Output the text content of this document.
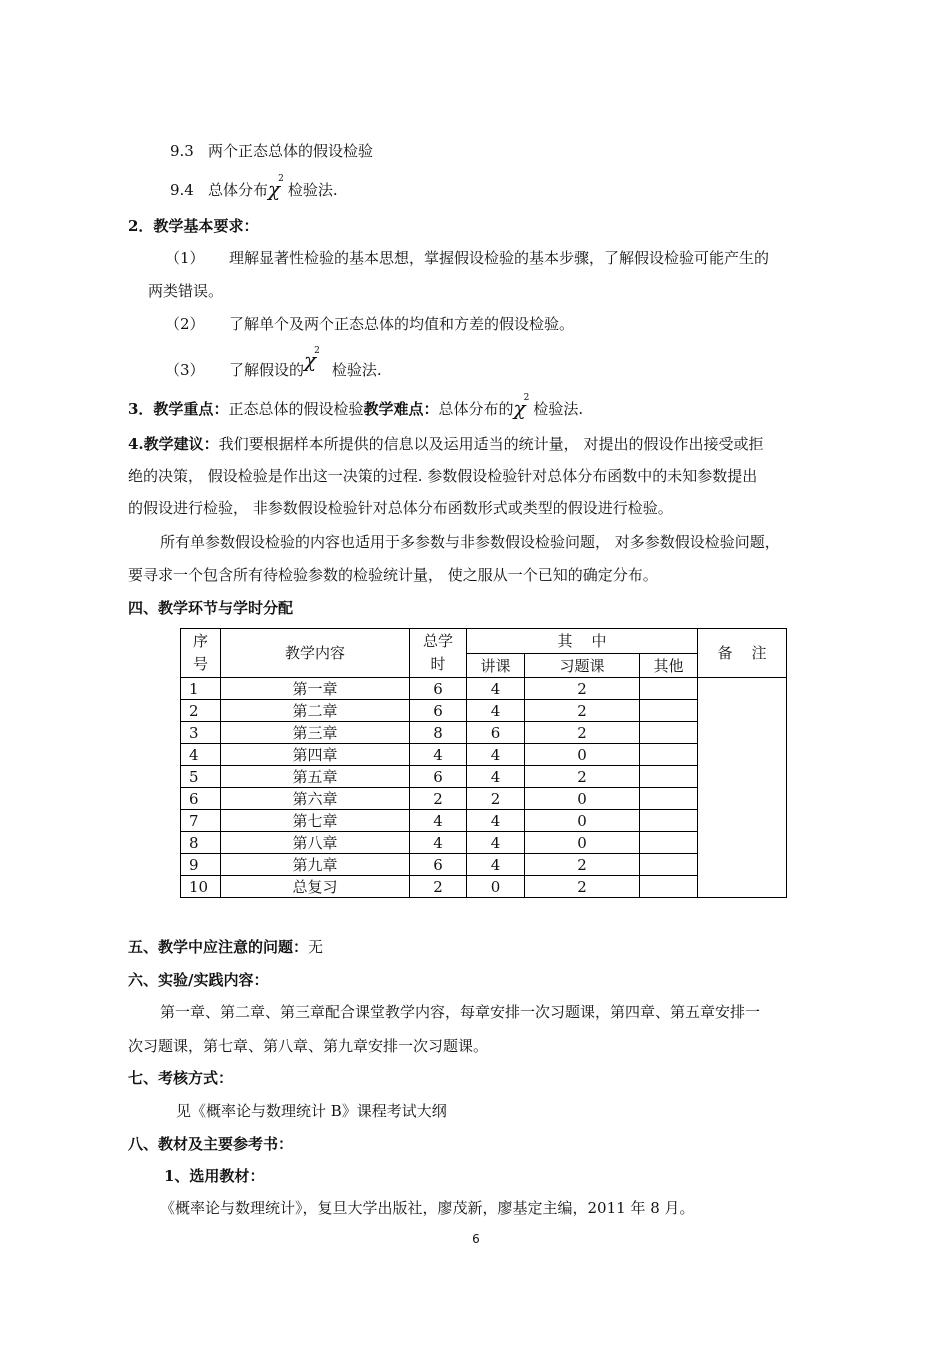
9.3 两个正态总体的假设检验
9.4 总体分布$\chi^2$检验法.
2．教学基本要求：
（1） 理解显著性检验的基本思想，掌握假设检验的基本步骤，了解假设检验可能产生的
两类错误。
（2） 了解单个及两个正态总体的均值和方差的假设检验。
（3） 了解假设的$\chi^2$检验法.
3．教学重点：正态总体的假设检验教学难点：总体分布的$\chi^2$检验法.
4.教学建议：我们要根据样本所提供的信息以及运用适当的统计量， 对提出的假设作出接受或拒
绝的决策， 假设检验是作出这一决策的过程. 参数假设检验针对总体分布函数中的未知参数提出
的假设进行检验， 非参数假设检验针对总体分布函数形式或类型的假设进行检验。
所有单参数假设检验的内容也适用于多参数与非参数假设检验问题， 对多参数假设检验问题，
要寻求一个包含所有待检验参数的检验统计量， 使之服从一个已知的确定分布。
四、教学环节与学时分配
序
号	教学内容	总学
时	其    中			备    注
			讲课	习题课	其他	
1	第一章	6	4	2		
2	第二章	6	4	2		
3	第三章	8	6	2		
4	第四章	4	4	0		
5	第五章	6	4	2		
6	第六章	2	2	0		
7	第七章	4	4	0		
8	第八章	4	4	0		
9	第九章	6	4	2		
10	总复习	2	0	2		
五、教学中应注意的问题：无
六、实验/实践内容：
第一章、第二章、第三章配合课堂教学内容，每章安排一次习题课，第四章、第五章安排一
次习题课，第七章、第八章、第九章安排一次习题课。
七、考核方式：
见《概率论与数理统计 B》课程考试大纲
八、教材及主要参考书：
1、选用教材：
《概率论与数理统计》，复旦大学出版社，廖茂新，廖基定主编，2011 年 8 月。
6
